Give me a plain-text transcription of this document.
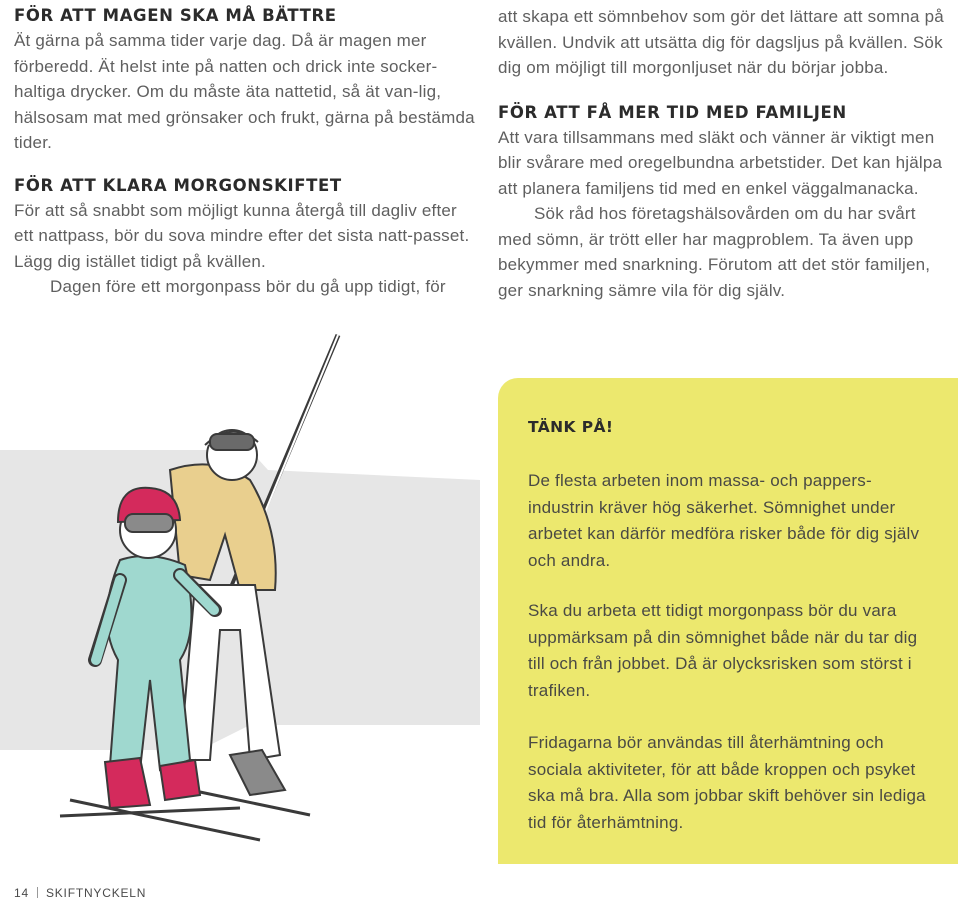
FÖR ATT MAGEN SKA MÅ BÄTTRE

Ät gärna på samma tider varje dag. Då är magen mer förberedd. Ät helst inte på natten och drick inte socker-haltiga drycker. Om du måste äta nattetid, så ät van-lig, hälsosam mat med grönsaker och frukt, gärna på bestämda tider.

FÖR ATT KLARA MORGONSKIFTET

För att så snabbt som möjligt kunna återgå till dagliv efter ett nattpass, bör du sova mindre efter det sista natt-passet. Lägg dig istället tidigt på kvällen.

Dagen före ett morgonpass bör du gå upp tidigt, för

att skapa ett sömnbehov som gör det lättare att somna på kvällen. Undvik att utsätta dig för dagsljus på kvällen. Sök dig om möjligt till morgonljuset när du börjar jobba.

FÖR ATT FÅ MER TID MED FAMILJEN

Att vara tillsammans med släkt och vänner är viktigt men blir svårare med oregelbundna arbetstider. Det kan hjälpa att planera familjens tid med en enkel väggalmanacka.

Sök råd hos företagshälsovården om du har svårt med sömn, är trött eller har magproblem. Ta även upp bekymmer med snarkning. Förutom att det stör familjen, ger snarkning sämre vila för dig själv.

TÄNK PÅ!

De flesta arbeten inom massa- och pappers-industrin kräver hög säkerhet. Sömnighet under arbetet kan därför medföra risker både för dig själv och andra.

Ska du arbeta ett tidigt morgonpass bör du vara uppmärksam på din sömnighet både när du tar dig till och från jobbet. Då är olycksrisken som störst i trafiken.

Fridagarna bör användas till återhämtning och sociala aktiviteter, för att både kroppen och psyket ska må bra. Alla som jobbar skift behöver sin lediga tid för återhämtning.

14 SKIFTNYCKELN
